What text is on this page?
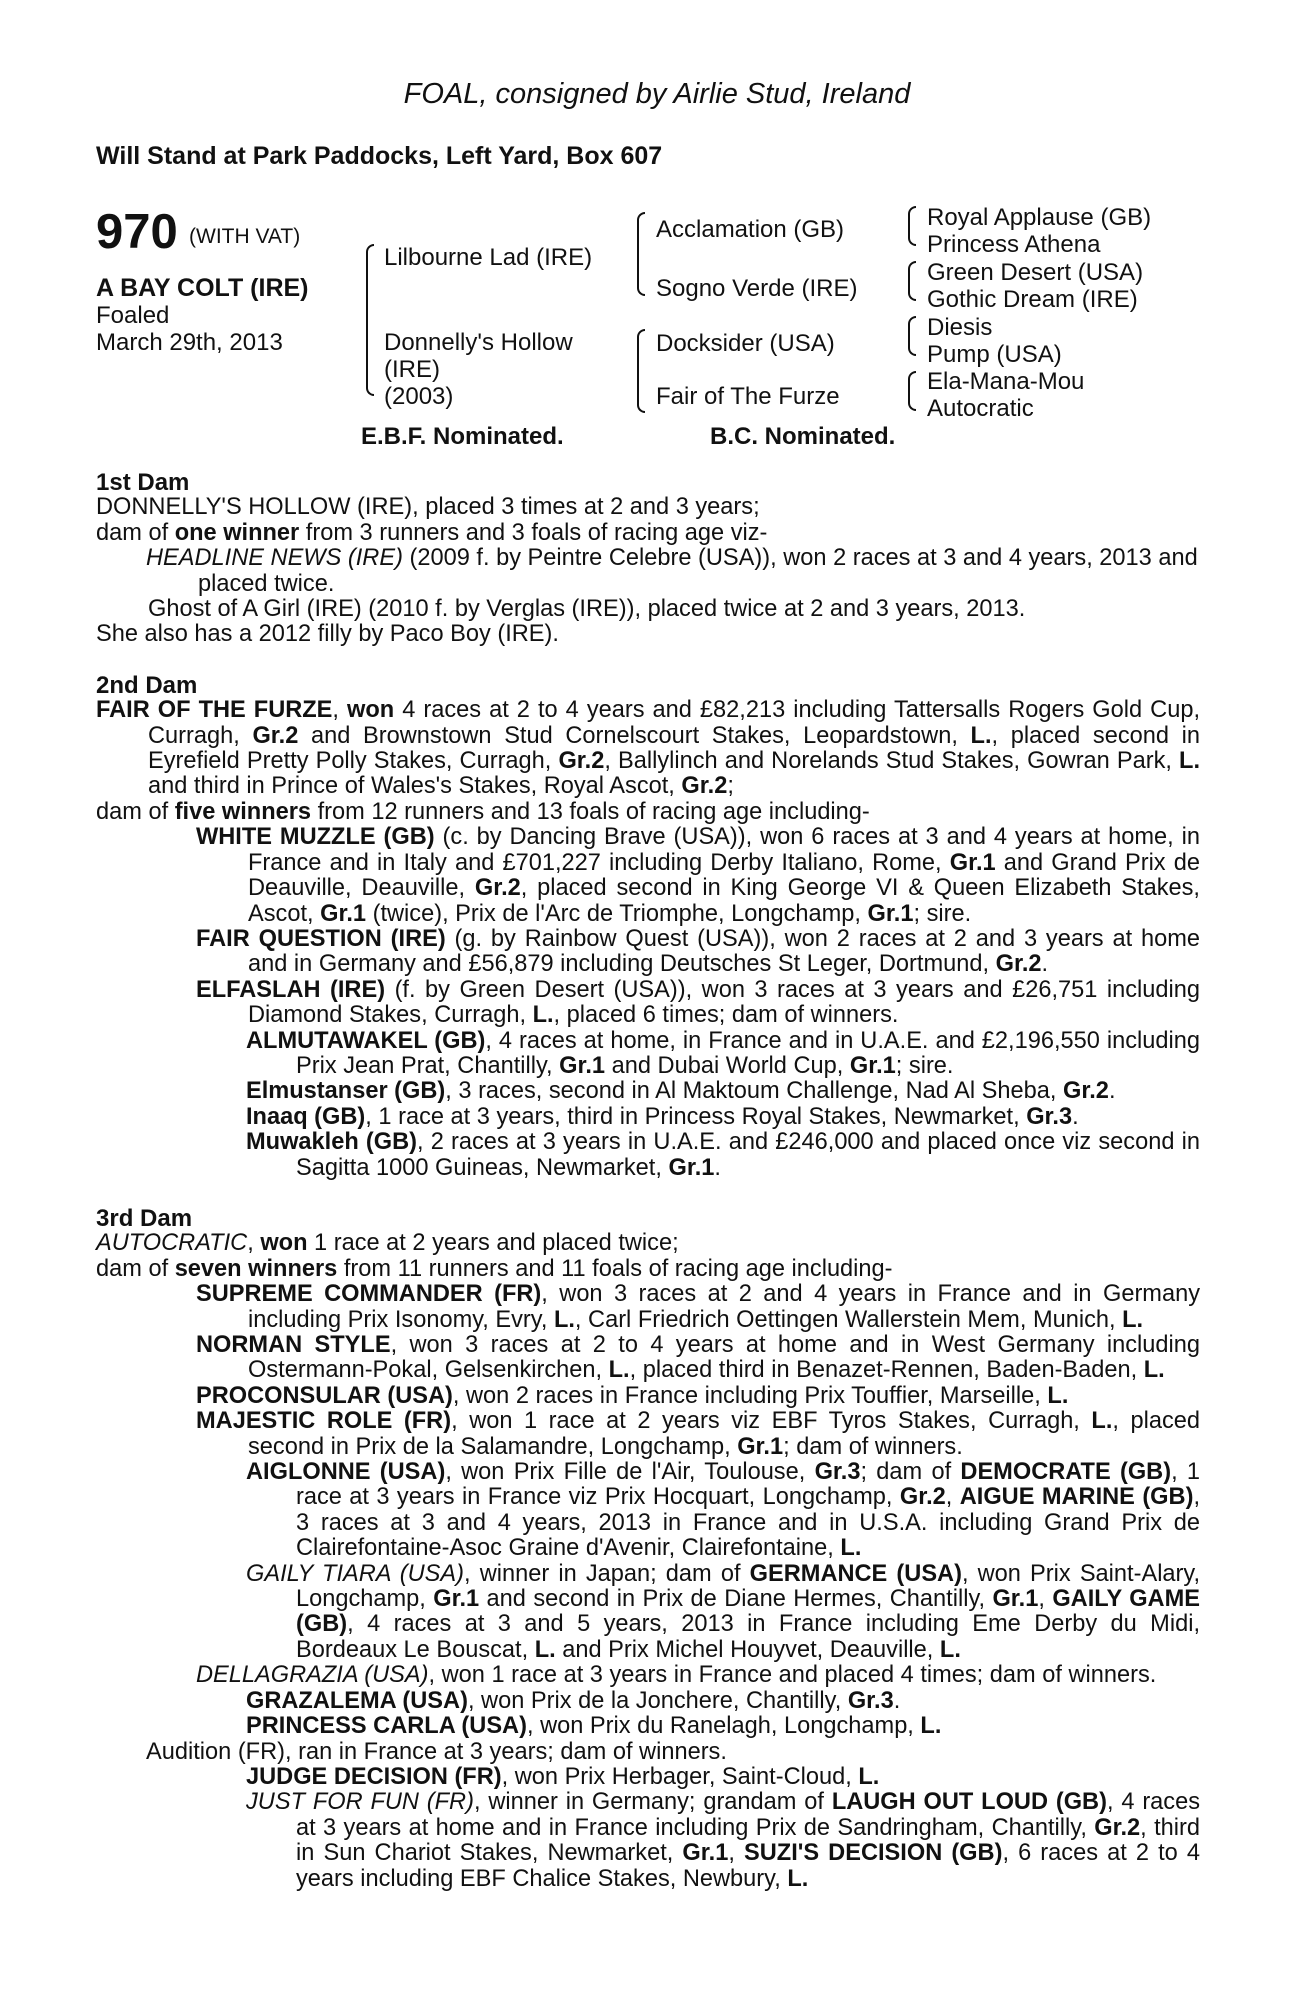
FOAL, consigned by Airlie Stud, Ireland
Will Stand at Park Paddocks, Left Yard, Box 607
970 (WITH VAT)
A BAY COLT (IRE)
Foaled
March 29th, 2013
Lilbourne Lad (IRE)
Donnelly's Hollow
(IRE)
(2003)
Acclamation (GB)
Sogno Verde (IRE)
Docksider (USA)
Fair of The Furze
Royal Applause (GB)
Princess Athena
Green Desert (USA)
Gothic Dream (IRE)
Diesis
Pump (USA)
Ela-Mana-Mou
Autocratic
E.B.F. Nominated.	B.C. Nominated.

1st Dam

DONNELLY'S HOLLOW (IRE), placed 3 times at 2 and 3 years;

dam of one winner from 3 runners and 3 foals of racing age viz-

HEADLINE NEWS (IRE) (2009 f. by Peintre Celebre (USA)), won 2 races at 3 and 4 years, 2013 and placed twice.

Ghost of A Girl (IRE) (2010 f. by Verglas (IRE)), placed twice at 2 and 3 years, 2013.

She also has a 2012 filly by Paco Boy (IRE).

2nd Dam

FAIR OF THE FURZE, won 4 races at 2 to 4 years and £82,213 including Tattersalls Rogers Gold Cup, Curragh, Gr.2 and Brownstown Stud Cornelscourt Stakes, Leopardstown, L., placed second in Eyrefield Pretty Polly Stakes, Curragh, Gr.2, Ballylinch and Norelands Stud Stakes, Gowran Park, L. and third in Prince of Wales's Stakes, Royal Ascot, Gr.2;

dam of five winners from 12 runners and 13 foals of racing age including-

WHITE MUZZLE (GB) (c. by Dancing Brave (USA)), won 6 races at 3 and 4 years at home, in France and in Italy and £701,227 including Derby Italiano, Rome, Gr.1 and Grand Prix de Deauville, Deauville, Gr.2, placed second in King George VI & Queen Elizabeth Stakes, Ascot, Gr.1 (twice), Prix de l'Arc de Triomphe, Longchamp, Gr.1; sire.

FAIR QUESTION (IRE) (g. by Rainbow Quest (USA)), won 2 races at 2 and 3 years at home and in Germany and £56,879 including Deutsches St Leger, Dortmund, Gr.2.

ELFASLAH (IRE) (f. by Green Desert (USA)), won 3 races at 3 years and £26,751 including Diamond Stakes, Curragh, L., placed 6 times; dam of winners.

ALMUTAWAKEL (GB), 4 races at home, in France and in U.A.E. and £2,196,550 including Prix Jean Prat, Chantilly, Gr.1 and Dubai World Cup, Gr.1; sire.

Elmustanser (GB), 3 races, second in Al Maktoum Challenge, Nad Al Sheba, Gr.2.

Inaaq (GB), 1 race at 3 years, third in Princess Royal Stakes, Newmarket, Gr.3.

Muwakleh (GB), 2 races at 3 years in U.A.E. and £246,000 and placed once viz second in Sagitta 1000 Guineas, Newmarket, Gr.1.

3rd Dam

AUTOCRATIC, won 1 race at 2 years and placed twice;

dam of seven winners from 11 runners and 11 foals of racing age including-

SUPREME COMMANDER (FR), won 3 races at 2 and 4 years in France and in Germany including Prix Isonomy, Evry, L., Carl Friedrich Oettingen Wallerstein Mem, Munich, L.

NORMAN STYLE, won 3 races at 2 to 4 years at home and in West Germany including Ostermann-Pokal, Gelsenkirchen, L., placed third in Benazet-Rennen, Baden-Baden, L.

PROCONSULAR (USA), won 2 races in France including Prix Touffier, Marseille, L.

MAJESTIC ROLE (FR), won 1 race at 2 years viz EBF Tyros Stakes, Curragh, L., placed second in Prix de la Salamandre, Longchamp, Gr.1; dam of winners.

AIGLONNE (USA), won Prix Fille de l'Air, Toulouse, Gr.3; dam of DEMOCRATE (GB), 1 race at 3 years in France viz Prix Hocquart, Longchamp, Gr.2, AIGUE MARINE (GB), 3 races at 3 and 4 years, 2013 in France and in U.S.A. including Grand Prix de Clairefontaine-Asoc Graine d'Avenir, Clairefontaine, L.

GAILY TIARA (USA), winner in Japan; dam of GERMANCE (USA), won Prix Saint-Alary, Longchamp, Gr.1 and second in Prix de Diane Hermes, Chantilly, Gr.1, GAILY GAME (GB), 4 races at 3 and 5 years, 2013 in France including Eme Derby du Midi, Bordeaux Le Bouscat, L. and Prix Michel Houyvet, Deauville, L.

DELLAGRAZIA (USA), won 1 race at 3 years in France and placed 4 times; dam of winners.

GRAZALEMA (USA), won Prix de la Jonchere, Chantilly, Gr.3.

PRINCESS CARLA (USA), won Prix du Ranelagh, Longchamp, L.

Audition (FR), ran in France at 3 years; dam of winners.

JUDGE DECISION (FR), won Prix Herbager, Saint-Cloud, L.

JUST FOR FUN (FR), winner in Germany; grandam of LAUGH OUT LOUD (GB), 4 races at 3 years at home and in France including Prix de Sandringham, Chantilly, Gr.2, third in Sun Chariot Stakes, Newmarket, Gr.1, SUZI'S DECISION (GB), 6 races at 2 to 4 years including EBF Chalice Stakes, Newbury, L.
